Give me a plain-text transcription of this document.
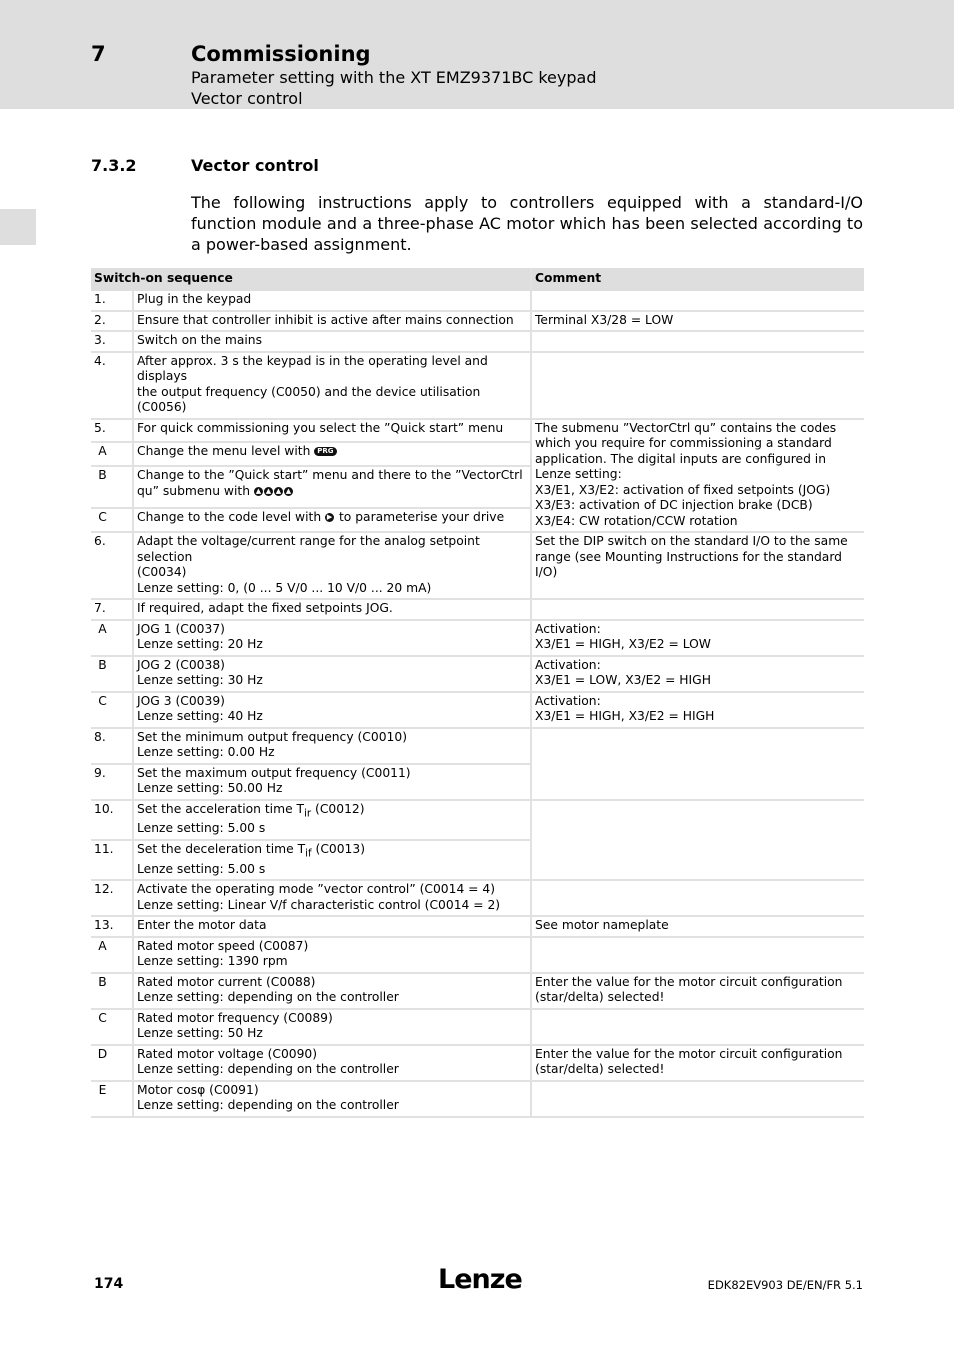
7	Commissioning
Parameter setting with the XT EMZ9371BC keypad
Vector control
7.3.2	Vector control

The following instructions apply to controllers equipped with a standard-I/O function module and a three-phase AC motor which has been selected according to a power-based assignment.

Switch-on sequence		Comment
1.	Plug in the keypad	
2.	Ensure that controller inhibit is active after mains connection	Terminal X3/28 = LOW
3.	Switch on the mains	
4.	After approx. 3 s the keypad is in the operating level and displays
the output frequency (C0050) and the device utilisation (C0056)	

5.	For quick commissioning you select the ”Quick start” menu	The submenu ”VectorCtrl qu” contains the codes which you require for commissioning a standard application. The digital inputs are configured in Lenze setting:
X3/E1, X3/E2: activation of fixed setpoints (JOG)
X3/E3: activation of DC injection brake (DCB)
X3/E4: CW rotation/CCW rotation

A	Change the menu level with PRG	
B	Change to the ”Quick start” menu and there to the ”VectorCtrl
qu” submenu with ▲ ▲ ▲ ▲	
C	Change to the code level with ▶ to parameterise your drive	
6.	Adapt the voltage/current range for the analog setpoint selection
(C0034)
Lenze setting: 0, (0 ... 5 V/0 ... 10 V/0 ... 20 mA)	Set the DIP switch on the standard I/O to the same range (see Mounting Instructions for the standard I/O)
7.	If required, adapt the fixed setpoints JOG.	
A	JOG 1 (C0037)
Lenze setting: 20 Hz	Activation:
X3/E1 = HIGH, X3/E2 = LOW

B	JOG 2 (C0038)
Lenze setting: 30 Hz	Activation:
X3/E1 = LOW, X3/E2 = HIGH

C	JOG 3 (C0039)
Lenze setting: 40 Hz	Activation:
X3/E1 = HIGH, X3/E2 = HIGH

8.	Set the minimum output frequency (C0010)
Lenze setting: 0.00 Hz	

9.	Set the maximum output frequency (C0011)
Lenze setting: 50.00 Hz	

10.	Set the acceleration time $T_{ir}$ (C0012)
Lenze setting: 5.00 s	

11.	Set the deceleration time $T_{if}$ (C0013)
Lenze setting: 5.00 s	

12.	Activate the operating mode ”vector control” (C0014 = 4)
Lenze setting: Linear V/f characteristic control (C0014 = 2)	

13.	Enter the motor data	See motor nameplate
A	Rated motor speed (C0087)
Lenze setting: 1390 rpm	

B	Rated motor current (C0088)
Lenze setting: depending on the controller	Enter the value for the motor circuit configuration
(star/delta) selected!

C	Rated motor frequency (C0089)
Lenze setting: 50 Hz	

D	Rated motor voltage (C0090)
Lenze setting: depending on the controller	Enter the value for the motor circuit configuration
(star/delta) selected!

E	Motor cosφ (C0091)
Lenze setting: depending on the controller	

174	Lenze	EDK82EV903 DE/EN/FR 5.1
